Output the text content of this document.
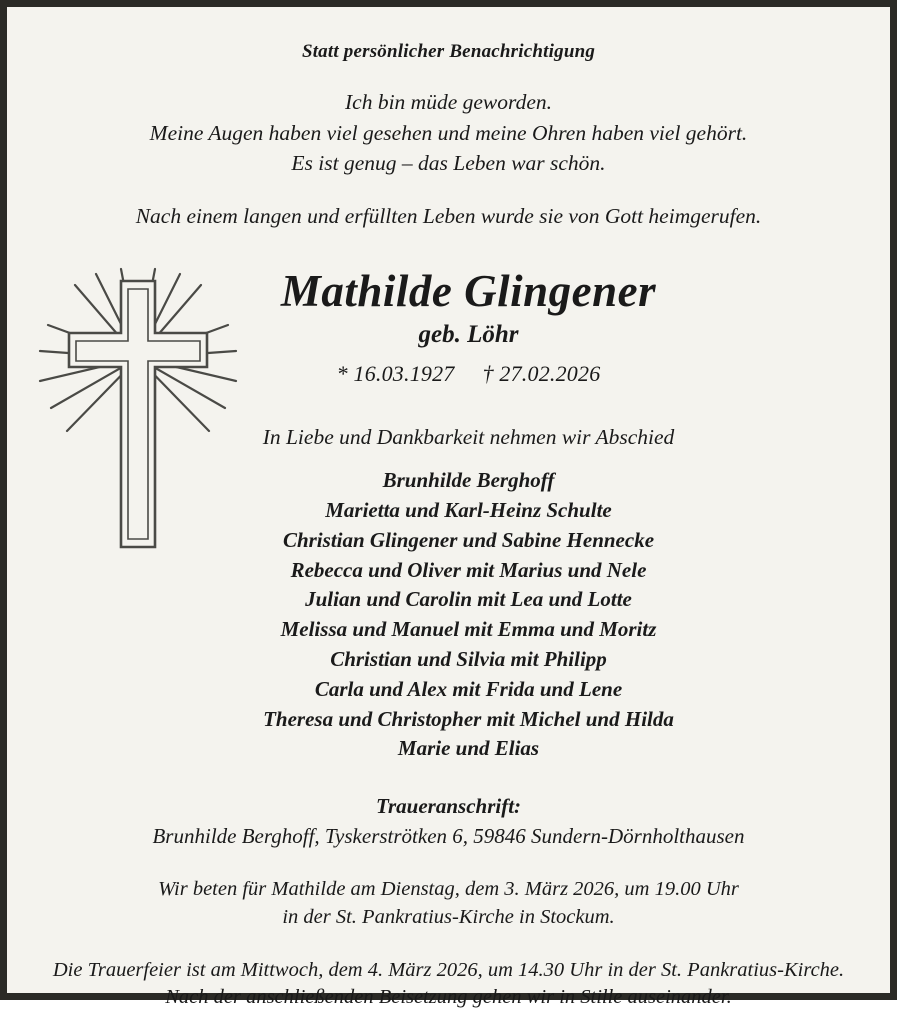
Statt persönlicher Benachrichtigung
Ich bin müde geworden.
Meine Augen haben viel gesehen und meine Ohren haben viel gehört.
Es ist genug – das Leben war schön.
Nach einem langen und erfüllten Leben wurde sie von Gott heimgerufen.
Mathilde Glingener
geb. Löhr
* 16.03.1927 † 27.02.2026
In Liebe und Dankbarkeit nehmen wir Abschied
Brunhilde Berghoff
Marietta und Karl-Heinz Schulte
Christian Glingener und Sabine Hennecke
Rebecca und Oliver mit Marius und Nele
Julian und Carolin mit Lea und Lotte
Melissa und Manuel mit Emma und Moritz
Christian und Silvia mit Philipp
Carla und Alex mit Frida und Lene
Theresa und Christopher mit Michel und Hilda
Marie und Elias
Traueranschrift:
Brunhilde Berghoff, Tyskerströtken 6, 59846 Sundern-Dörnholthausen
Wir beten für Mathilde am Dienstag, dem 3. März 2026, um 19.00 Uhr
in der St. Pankratius-Kirche in Stockum.
Die Trauerfeier ist am Mittwoch, dem 4. März 2026, um 14.30 Uhr in der St. Pankratius-Kirche.
Nach der anschließenden Beisetzung gehen wir in Stille auseinander.
